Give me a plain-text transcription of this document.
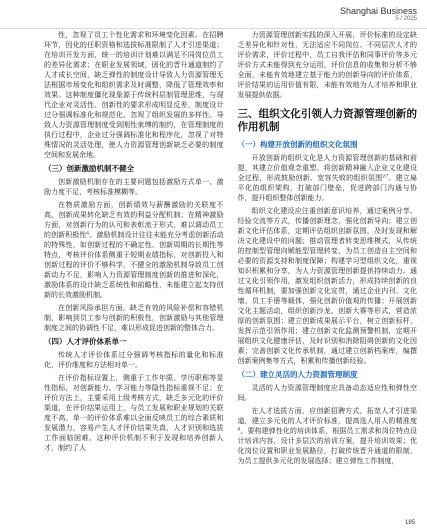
Shanghai Business
5 / 2025

性，忽视了员工个性化需求和环境变化因素。在招聘环节，因化的任职资格和选拔标准限制了人才引进渠道；在培训开发方面，统一的培训计划难以满足不同岗位员工的差异化需求；在职业发展领域，固化的晋升通道制约了人才成长空间，缺乏弹性的制度设计导致人力资源管理无法根据市场变化和组织需求及时调整，降低了管理效率和效果。这种制度僵化现象源于传统科层制管理思维，与现代企业对灵活性、创新性的要求形成明显反差，制度设计过分强调标准化和规范化，忽视了组织发展的多样性、导致人力资源管理制度受到刚性束缚的制约，在管理制度的执行过程中，企业过分强调标准化和程序化，忽视了对特殊情况的灵活处理，使人力资源管理创新缺乏必要的制度空间和发展余地。

（三）创新激励机制不健全

创新激励机制存在的主要问题包括激励方式单一、激励力度不足、考核标准模糊等。

在物质激励方面，创新绩效与薪酬激励的关联度不高，创新成果转化缺乏有效的利益分配机制；在精神激励方面，对创新行为的认可和表彰流于形式，难以调动员工的创新积极性⁶。激励机制设计往往未能充分考虑创新活动的特殊性，如创新过程的不确定性、创新周期的长期性等特点，考核评价体系侧重于短期业绩指标，对创新投入和创新过程的评价不够科学，不健全的激励机制导致员工创新动力不足，影响人力资源管理制度创新的推进和深化，激励体系的设计缺乏系统性和前瞻性，未能建立起支持创新的长效激励机制。

在创新风险承担方面，缺乏有效的风险补偿和容错机制，影响到员工参与创新的积极性，创新激励与其他管理制度之间的协调性不足，难以形成促进创新的整体合力。

（四）人才评价体系单一

传统人才评价体系过分强调考核指标的量化和标准化，评价维度和方法相对单一。

在评价指标设置上，侧重于工作年限、学历职称等显性指标，对创新能力、学习能力等隐性指标重视不足；在评价方法上，主要采用上级考核方式，缺乏多元化的评价渠道，在评价结果运用上，与员工发展和职业规划的关联度不高。单一的评价体系难以全面反映员工的综合素质和发展潜力，容易产生人才评价结果失真，人才识别和选拔工作面临困难。这种评价机制不利于发现和培养创新人才，制约了人

力资源管理创新实践的深入开展，评价标准的设定缺乏差异化和针对性，无法适应不同岗位、不同层次人才的评价需求，评价过程中，员工自我评估和同事评价等多元评价方式未能得到充分运用，评价信息的收集和分析不够全面，未能有效地建立基于能力的创新导向的评价体系，评价结果的运用价值有限，未能有效地为人才培养和职业发展提供依据。

三、组织文化引领人力资源管理创新的作用机制
（一）构建开放创新的组织文化氛围

开放创新的组织文化是人力资源管理创新的基础和前提，其建立价值观念重塑、将创新精神融入企业文化建设全过程，形成鼓励创新、宽容失败的组织氛围²⁷。建立扁平化的组织架构，打破部门壁垒，促进跨部门沟通与协作，提升组织整体创新能力。

组织文化建设应注重创新意识培养，通过案例分享、经验交流等方式，传播创新理念，强化创新导向；建立创新文化评估体系，定期评估组织创新氛围，及时发现和解决文化建设中的问题；推动管理者转变思维模式，从传统的控制型管理向赋能型管理转变，为员工创造自主空间和必要的资源支持和制度保障；构建学习型组织文化，重视知识积累和分享，为人力资源管理创新提供持续动力。通过文化引领作用，激发组织创新活力，形成持续创新的良性循环机制，要加强创新文化宣贯，通过企业内刊、文化墙、员工手册等载体，强化创新价值观的传播；开展创新文化主题活动，组织创新沙龙、创新大赛等形式，营造浓厚的创新氛围；建立创新成果展示平台，树立创新标杆，发挥示范引领作用；建立创新文化监测预警机制，定期开展组织文化健康评估，及时识别和消除阻碍创新的文化因素；完善创新文化传承机制，通过建立创新档案库，编撰创新案例集等方式，积累和传播创新经验。

（二）建立灵活的人力资源管理制度

灵活的人力资源管理制度应具备动态适应性和弹性空间。

在人才选拔方面，应创新招聘方式，拓宽人才引进渠道，建立多元化的人才评价标准，提高选人用人的精准度⁸。要构建弹性化的培训体系，根据员工需求和岗位特点设计培训内容，设计多层次的培训方案，提升培训效果；优化岗位设置和职业发展路径，打破传统晋升通道的限制，为员工提供多元化的发展选择；建立弹性工作制度，

185
